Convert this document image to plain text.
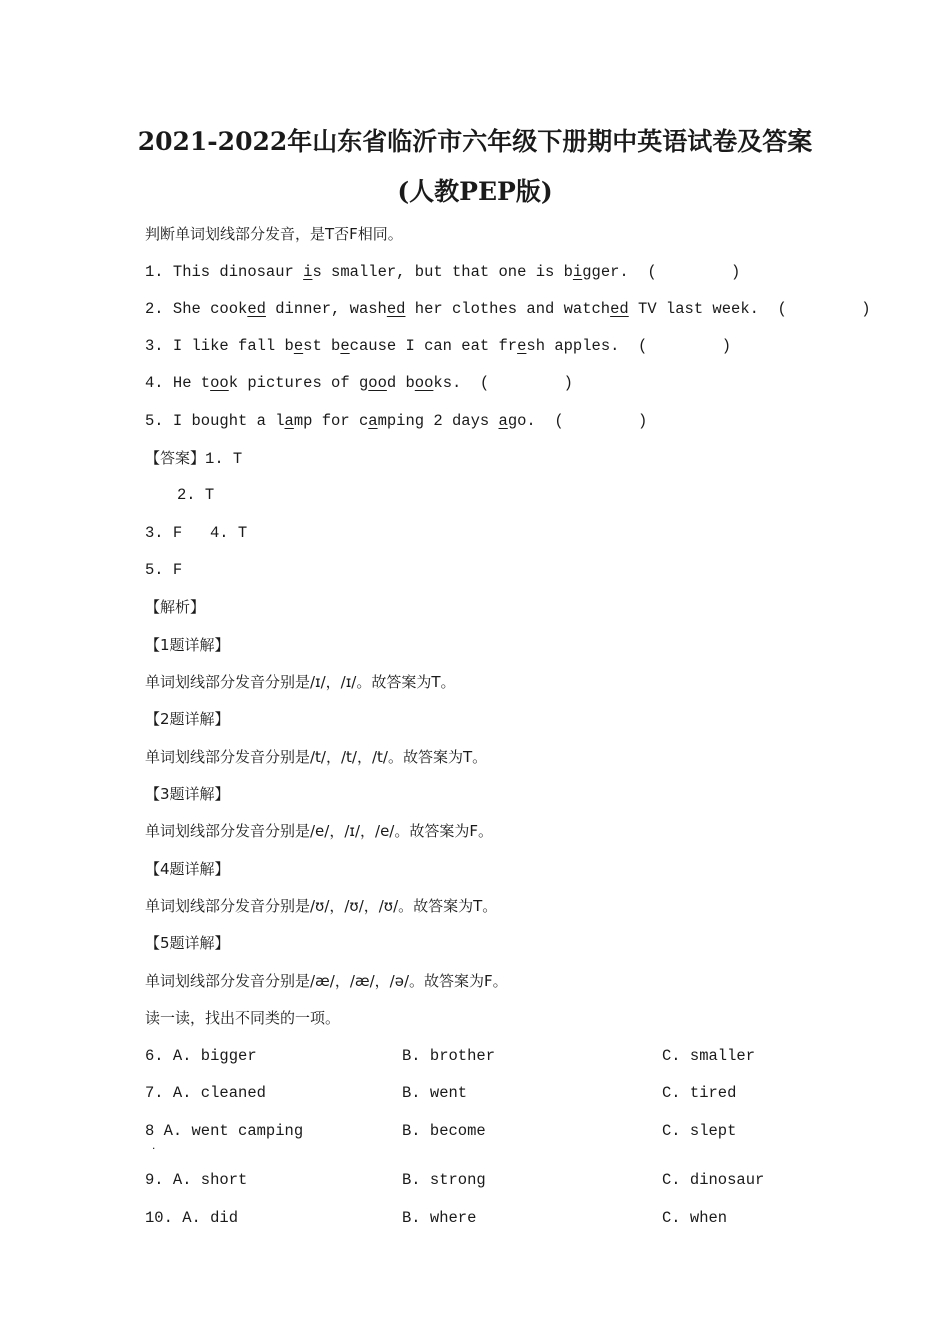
2021-2022年山东省临沂市六年级下册期中英语试卷及答案
(人教PEP版)
判断单词划线部分发音，是T否F相同。
1. This dinosaur is smaller, but that one is bigger.  (        )
2. She cooked dinner, washed her clothes and watched TV last week.  (        )
3. I like fall best because I can eat fresh apples.  (        )
4. He took pictures of good books.  (        )
5. I bought a lamp for camping 2 days ago.  (        )
【答案】1. T
2. T
3. F 4. T
5. F
【解析】
【1题详解】
单词划线部分发音分别是/ɪ/，/ɪ/。故答案为T。
【2题详解】
单词划线部分发音分别是/t/，/t/，/t/。故答案为T。
【3题详解】
单词划线部分发音分别是/e/，/ɪ/，/e/。故答案为F。
【4题详解】
单词划线部分发音分别是/ʊ/，/ʊ/，/ʊ/。故答案为T。
【5题详解】
单词划线部分发音分别是/æ/，/æ/，/ə/。故答案为F。
读一读，找出不同类的一项。
6. A. bigger	B. brother	C. smaller
7. A. cleaned	B. went	C. tired
8 A. went camping	B. become	C. slept
.
9. A. short	B. strong	C. dinosaur
10. A. did	B. where	C. when
